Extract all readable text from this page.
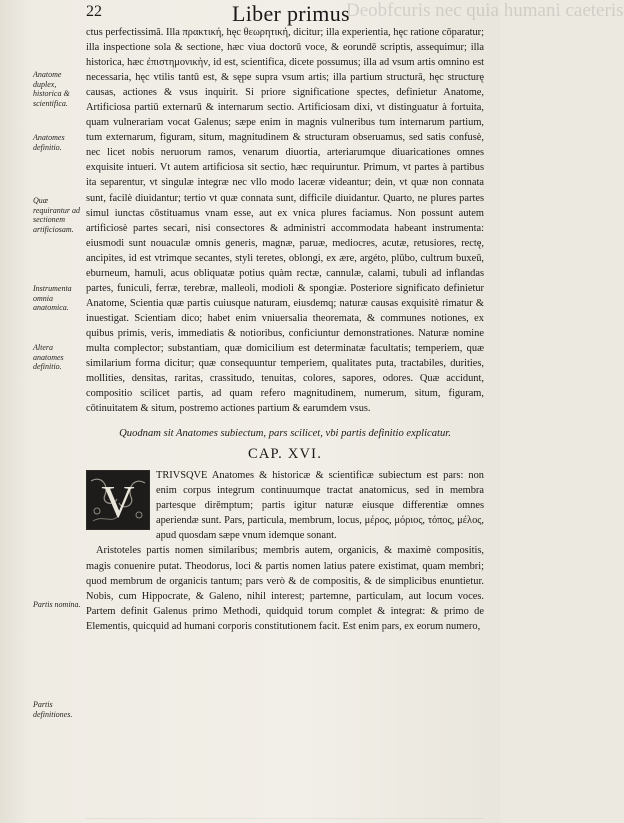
Deobfcuris nec quia humani caeteris
22	Liber primus
Anatome duplex, historica & scientifica.
Anatomes definitio.
Quæ requirantur ad sectionem artificiosam.
Instrumenta omnia anatomica.
Altera anatomes definitio.
Partis nomina.
Partis definitiones.

ctus perfectissimâ. Illa πρακτική, hęc θεωρητική, dicitur; illa experientia, hęc ratione cōparatur; illa inspectione sola & sectione, hæc viua doctorū voce, & eorundē scriptis, assequimur; illa historica, hæc ἐπιστημονικὴν, id est, scientifica, dicete possumus; illa ad vsum artis omnino est necessaria, hęc vtilis tantū est, & sępe supra vsum artis; illa partium structurā, hęc structurę causas, actiones & vsus inquirit. Si priore significatione spectes, definietur Anatome, Artificiosa partiū externarū & internarum sectio. Artificiosam dixi, vt distinguatur à fortuita, quam vulnerariam vocat Galenus; sæpe enim in magnis vulneribus tum internarum partium, tum externarum, figuram, situm, magnitudinem & structuram obseruamus, sed satis confusè, nec licet nobis neruorum ramos, venarum diuortia, arteriarumque diuaricationes omnes exquisite intueri. Vt autem artificiosa sit sectio, hæc requiruntur. Primum, vt partes à partibus ita separentur, vt singulæ integræ nec vllo modo laceræ videantur; dein, vt quæ non connata sunt, facilè diuidantur; tertio vt quæ connata sunt, difficile diuidantur. Quarto, ne plures partes simul iunctas cōstituamus vnam esse, aut ex vnica plures faciamus. Non possunt autem artificiosè partes secari, nisi consectores & administri accommodata habeant instrumenta: eiusmodi sunt nouaculæ omnis generis, magnæ, paruæ, mediocres, acutæ, retusiores, rectę, ancipites, id est vtrimque secantes, styli teretes, oblongi, ex ære, argéto, plūbo, cultrum buxeū, eburneum, hamuli, acus obliquatæ potius quàm rectæ, cannulæ, calami, tubuli ad inflandas partes, funiculi, ferræ, terebræ, malleoli, modioli & spongiæ. Posteriore significato definietur Anatome, Scientia quæ partis cuiusque naturam, eiusdemq; naturæ causas exquisitè rimatur & inuestigat. Scientiam dico; habet enim vniuersalia theoremata, & communes notiones, ex quibus primis, veris, immediatis & notioribus, conficiuntur demonstrationes. Naturæ nomine multa complector; substantiam, quæ domicilium est determinatæ facultatis; temperiem, quæ similarium forma dicitur; quæ consequuntur temperiem, qualitates puta, tractabiles, durities, mollities, densitas, raritas, crassitudo, tenuitas, colores, sapores, odores. Quæ accidunt, compositio scilicet partis, ad quam refero magnitudinem, numerum, situm, figuram, cōtinuitatem & situm, postremo actiones partium & earumdem vsus.

Quodnam sit Anatomes subiectum, pars scilicet, vbi partis definitio explicatur.
CAP. XVI.

V
TRIVSQVE Anatomes & historicæ & scientificæ subiectum est pars: non enim corpus integrum continuumque tractat anatomicus, sed in membra partesque dirēmptum; partis igitur naturæ eiusque differentiæ omnes aperiendæ sunt. Pars, particula, membrum, locus, μέρος, μόριος, τόπος, μέλος, apud quosdam sæpe vnum idemque sonant.

Aristoteles partis nomen similaribus; membris autem, organicis, & maximè compositis, magis conuenire putat. Theodorus, loci & partis nomen latius patere existimat, quam membri; quod membrum de organicis tantum; pars verò & de compositis, & de simplicibus enuntietur. Nobis, cum Hippocrate, & Galeno, nihil interest; partemne, particulam, aut locum voces. Partem definit Galenus primo Methodi, quidquid torum complet & integrat: & primo de Elementis, quicquid ad humani corporis constitutionem facit. Est enim pars, ex eorum numero,
